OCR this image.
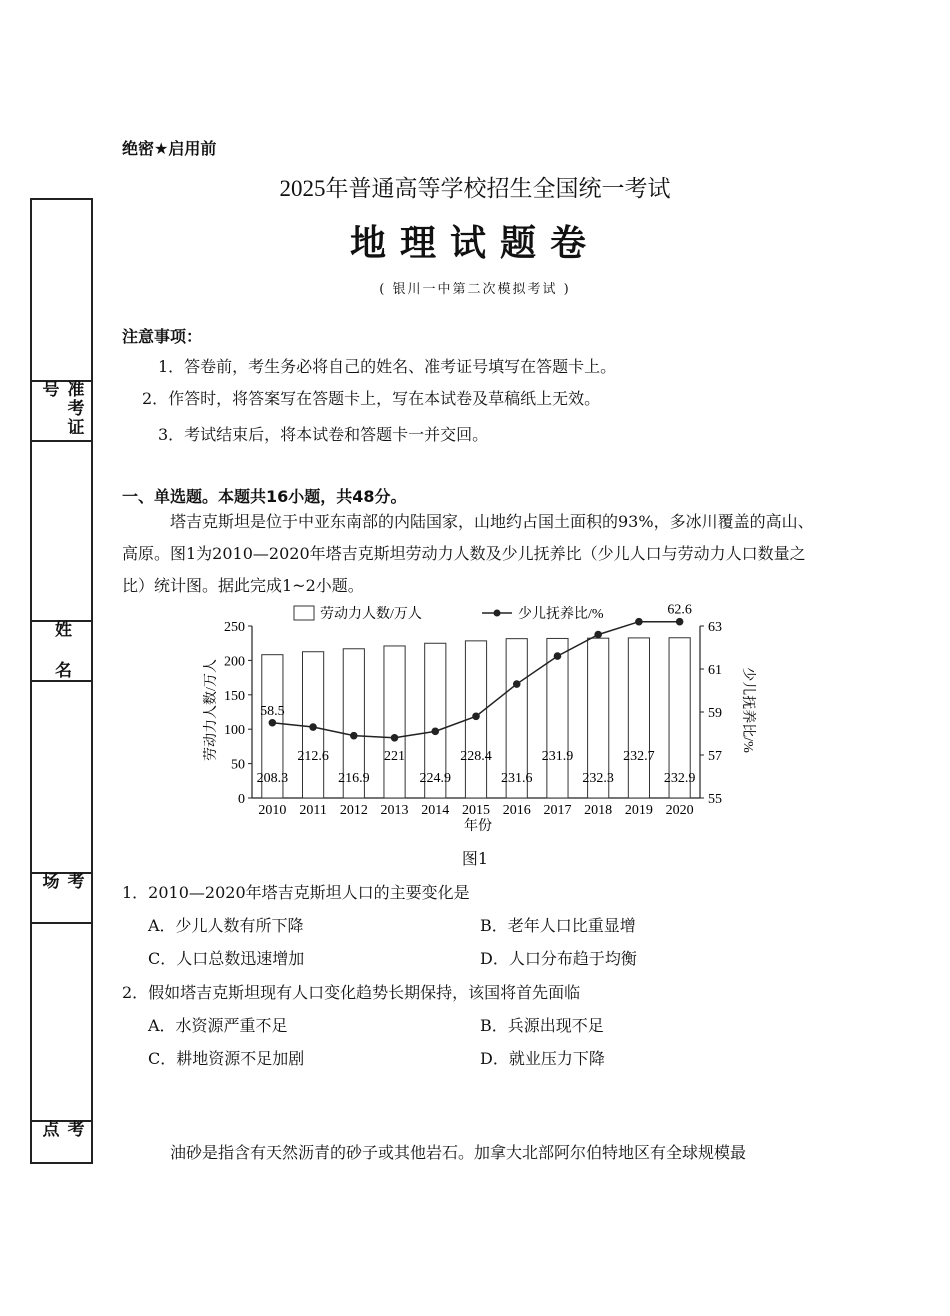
准考证号
姓 名
考 场
考 点
绝密★启用前
2025年普通高等学校招生全国统一考试
地理试题卷
( 银川一中第二次模拟考试 )
注意事项：
1．答卷前，考生务必将自己的姓名、准考证号填写在答题卡上。
2．作答时，将答案写在答题卡上，写在本试卷及草稿纸上无效。
3．考试结束后，将本试卷和答题卡一并交回。
一、单选题。本题共16小题，共48分。
塔吉克斯坦是位于中亚东南部的内陆国家，山地约占国土面积的93%，多冰川覆盖的高山、高原。图1为2010—2020年塔吉克斯坦劳动力人数及少儿抚养比（少儿人口与劳动力人口数量之比）统计图。据此完成1~2小题。
劳动力人数/万人	少儿抚养比/%
0
50
100
150
200
250
55
57
59
61
63
208.3
2010
212.6
2011
216.9
2012
221
2013
224.9
2014
228.4
2015
231.6
2016
231.9
2017
232.3
2018
232.7
2019
232.9
2020
58.5
62.6
年份
劳动力人数/万人	少儿抚养比/%
图1
1．2010—2020年塔吉克斯坦人口的主要变化是
A．少儿人数有所下降	B．老年人口比重显增
C．人口总数迅速增加	D．人口分布趋于均衡
2．假如塔吉克斯坦现有人口变化趋势长期保持，该国将首先面临
A．水资源严重不足	B．兵源出现不足
C．耕地资源不足加剧	D．就业压力下降
油砂是指含有天然沥青的砂子或其他岩石。加拿大北部阿尔伯特地区有全球规模最
